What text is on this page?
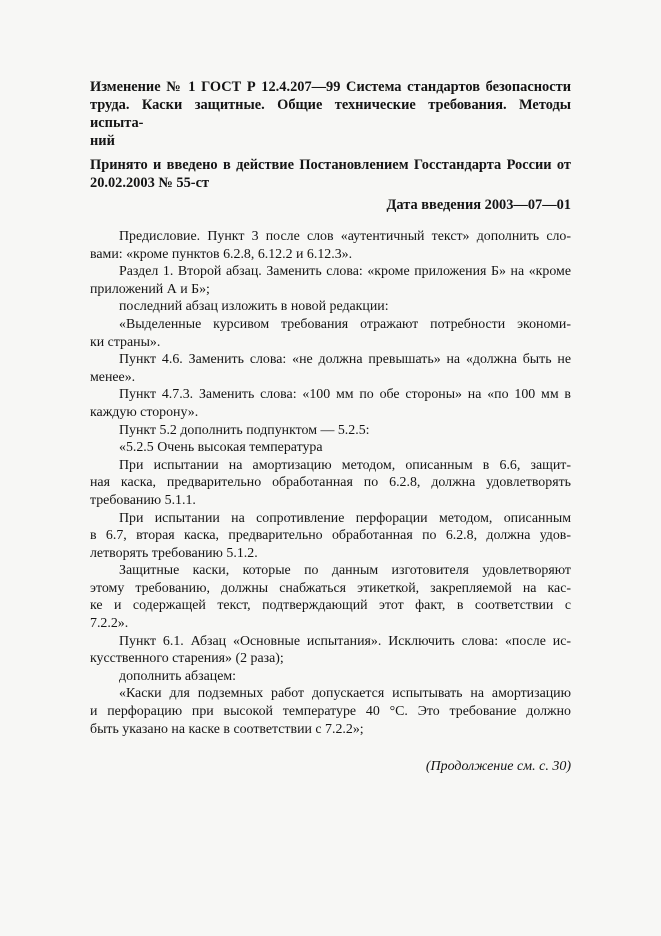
Изменение № 1 ГОСТ Р 12.4.207—99 Система стандартов безопасности
труда. Каски защитные. Общие технические требования. Методы испыта-
ний
Принято и введено в действие Постановлением Госстандарта России от
20.02.2003 № 55-ст
Дата введения 2003—07—01
Предисловие. Пункт 3 после слов «аутентичный текст» дополнить сло-
вами: «кроме пунктов 6.2.8, 6.12.2 и 6.12.3».
Раздел 1. Второй абзац. Заменить слова: «кроме приложения Б» на «кроме
приложений А и Б»;
последний абзац изложить в новой редакции:
«Выделенные курсивом требования отражают потребности экономи-
ки страны».
Пункт 4.6. Заменить слова: «не должна превышать» на «должна быть не
менее».
Пункт 4.7.3. Заменить слова: «100 мм по обе стороны» на «по 100 мм в
каждую сторону».
Пункт 5.2 дополнить подпунктом — 5.2.5:
«5.2.5 Очень высокая температура
При испытании на амортизацию методом, описанным в 6.6, защит-
ная каска, предварительно обработанная по 6.2.8, должна удовлетворять
требованию 5.1.1.
При испытании на сопротивление перфорации методом, описанным
в 6.7, вторая каска, предварительно обработанная по 6.2.8, должна удов-
летворять требованию 5.1.2.
Защитные каски, которые по данным изготовителя удовлетворяют
этому требованию, должны снабжаться этикеткой, закрепляемой на кас-
ке и содержащей текст, подтверждающий этот факт, в соответствии с
7.2.2».
Пункт 6.1. Абзац «Основные испытания». Исключить слова: «после ис-
кусственного старения» (2 раза);
дополнить абзацем:
«Каски для подземных работ допускается испытывать на амортизацию
и перфорацию при высокой температуре 40 °С. Это требование должно
быть указано на каске в соответствии с 7.2.2»;
(Продолжение см. с. 30)
